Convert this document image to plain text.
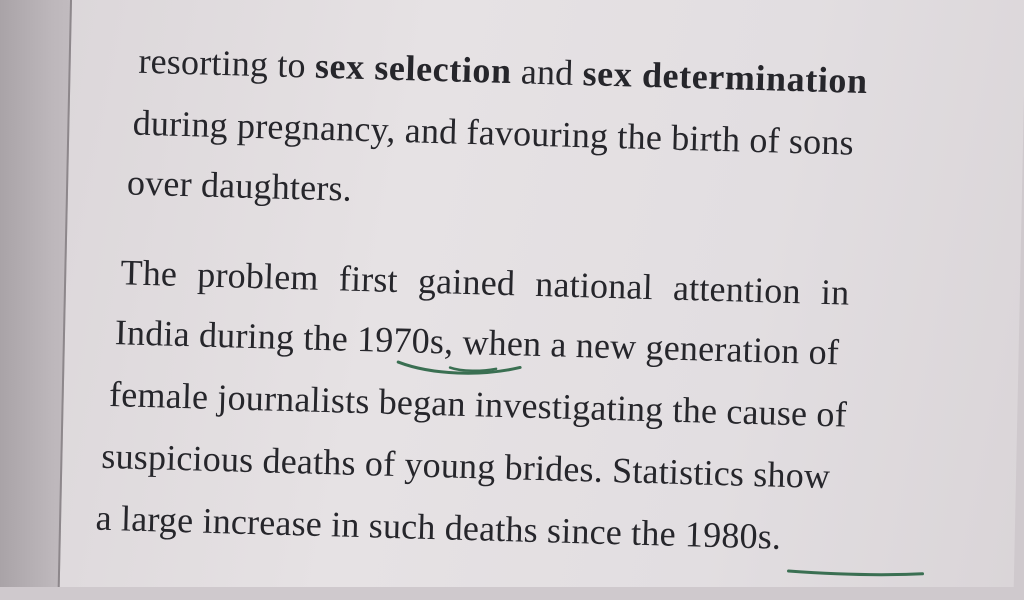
resorting to sex selection and sex determination
during pregnancy, and favouring the birth of sons
over daughters.
The problem first gained national attention in
India during the 1970s, when a new generation of
female journalists began investigating the cause of
suspicious deaths of young brides. Statistics show
a large increase in such deaths since the 1980s.
